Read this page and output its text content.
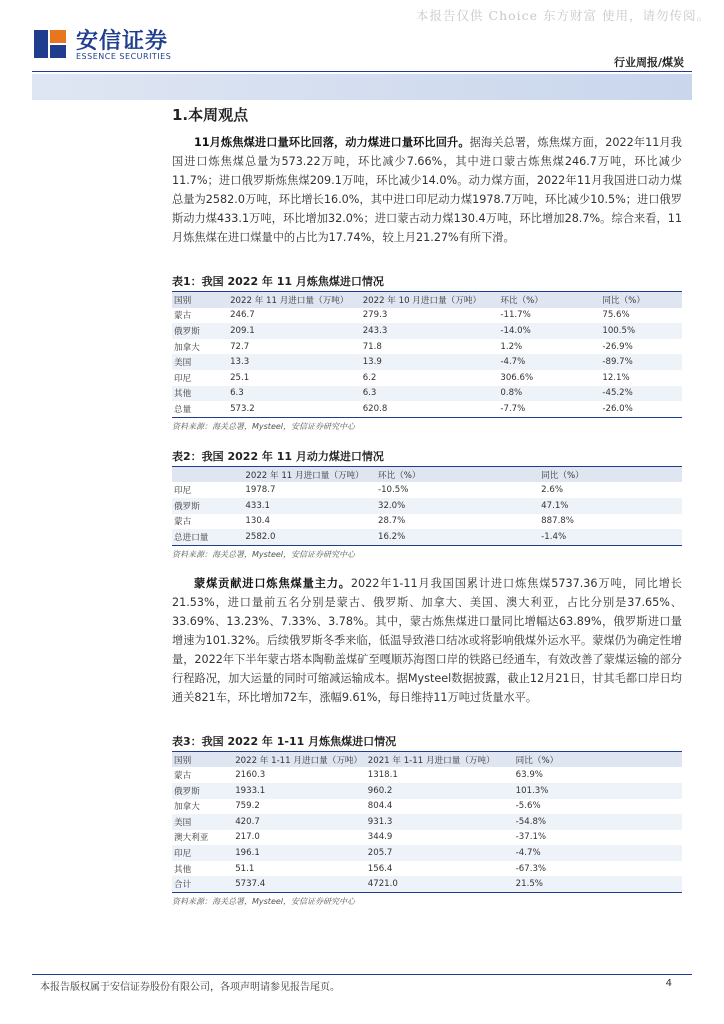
本报告仅供 Choice 东方财富 使用，请勿传阅。
安信证券
ESSENCE SECURITIES	行业周报/煤炭
1.本周观点

11月炼焦煤进口量环比回落，动力煤进口量环比回升。据海关总署，炼焦煤方面，2022年11月我国进口炼焦煤总量为573.22万吨，环比减少7.66%，其中进口蒙古炼焦煤246.7万吨，环比减少11.7%；进口俄罗斯炼焦煤209.1万吨，环比减少14.0%。动力煤方面，2022年11月我国进口动力煤总量为2582.0万吨，环比增长16.0%，其中进口印尼动力煤1978.7万吨，环比减少10.5%；进口俄罗斯动力煤433.1万吨，环比增加32.0%；进口蒙古动力煤130.4万吨，环比增加28.7%。综合来看，11月炼焦煤在进口煤量中的占比为17.74%，较上月21.27%有所下滑。

表1：我国 2022 年 11 月炼焦煤进口情况
国别	2022 年 11 月进口量（万吨）	2022 年 10 月进口量（万吨）	环比（%）	同比（%）
蒙古	246.7	279.3	-11.7%	75.6%
俄罗斯	209.1	243.3	-14.0%	100.5%
加拿大	72.7	71.8	1.2%	-26.9%
美国	13.3	13.9	-4.7%	-89.7%
印尼	25.1	6.2	306.6%	12.1%
其他	6.3	6.3	0.8%	-45.2%
总量	573.2	620.8	-7.7%	-26.0%
资料来源：海关总署，Mysteel，安信证券研究中心
表2：我国 2022 年 11 月动力煤进口情况
	2022 年 11 月进口量（万吨）	环比（%）	同比（%）
印尼	1978.7	-10.5%	2.6%
俄罗斯	433.1	32.0%	47.1%
蒙古	130.4	28.7%	887.8%
总进口量	2582.0	16.2%	-1.4%
资料来源：海关总署，Mysteel，安信证券研究中心

蒙煤贡献进口炼焦煤量主力。2022年1-11月我国国累计进口炼焦煤5737.36万吨，同比增长21.53%，进口量前五名分别是蒙古、俄罗斯、加拿大、美国、澳大利亚，占比分别是37.65%、33.69%、13.23%、7.33%、3.78%。其中，蒙古炼焦煤进口量同比增幅达63.89%，俄罗斯进口量增速为101.32%。后续俄罗斯冬季来临，低温导致港口结冰或将影响俄煤外运水平。蒙煤仍为确定性增量，2022年下半年蒙古塔本陶勒盖煤矿至嘎顺苏海图口岸的铁路已经通车，有效改善了蒙煤运输的部分行程路况，加大运量的同时可缩减运输成本。据Mysteel数据披露，截止12月21日，甘其毛都口岸日均通关821车，环比增加72车，涨幅9.61%，每日维持11万吨过货量水平。

表3：我国 2022 年 1-11 月炼焦煤进口情况
国别	2022 年 1-11 月进口量（万吨）	2021 年 1-11 月进口量（万吨）	同比（%）
蒙古	2160.3	1318.1	63.9%
俄罗斯	1933.1	960.2	101.3%
加拿大	759.2	804.4	-5.6%
美国	420.7	931.3	-54.8%
澳大利亚	217.0	344.9	-37.1%
印尼	196.1	205.7	-4.7%
其他	51.1	156.4	-67.3%
合计	5737.4	4721.0	21.5%
资料来源：海关总署，Mysteel，安信证券研究中心
本报告版权属于安信证券股份有限公司，各项声明请参见报告尾页。	4
